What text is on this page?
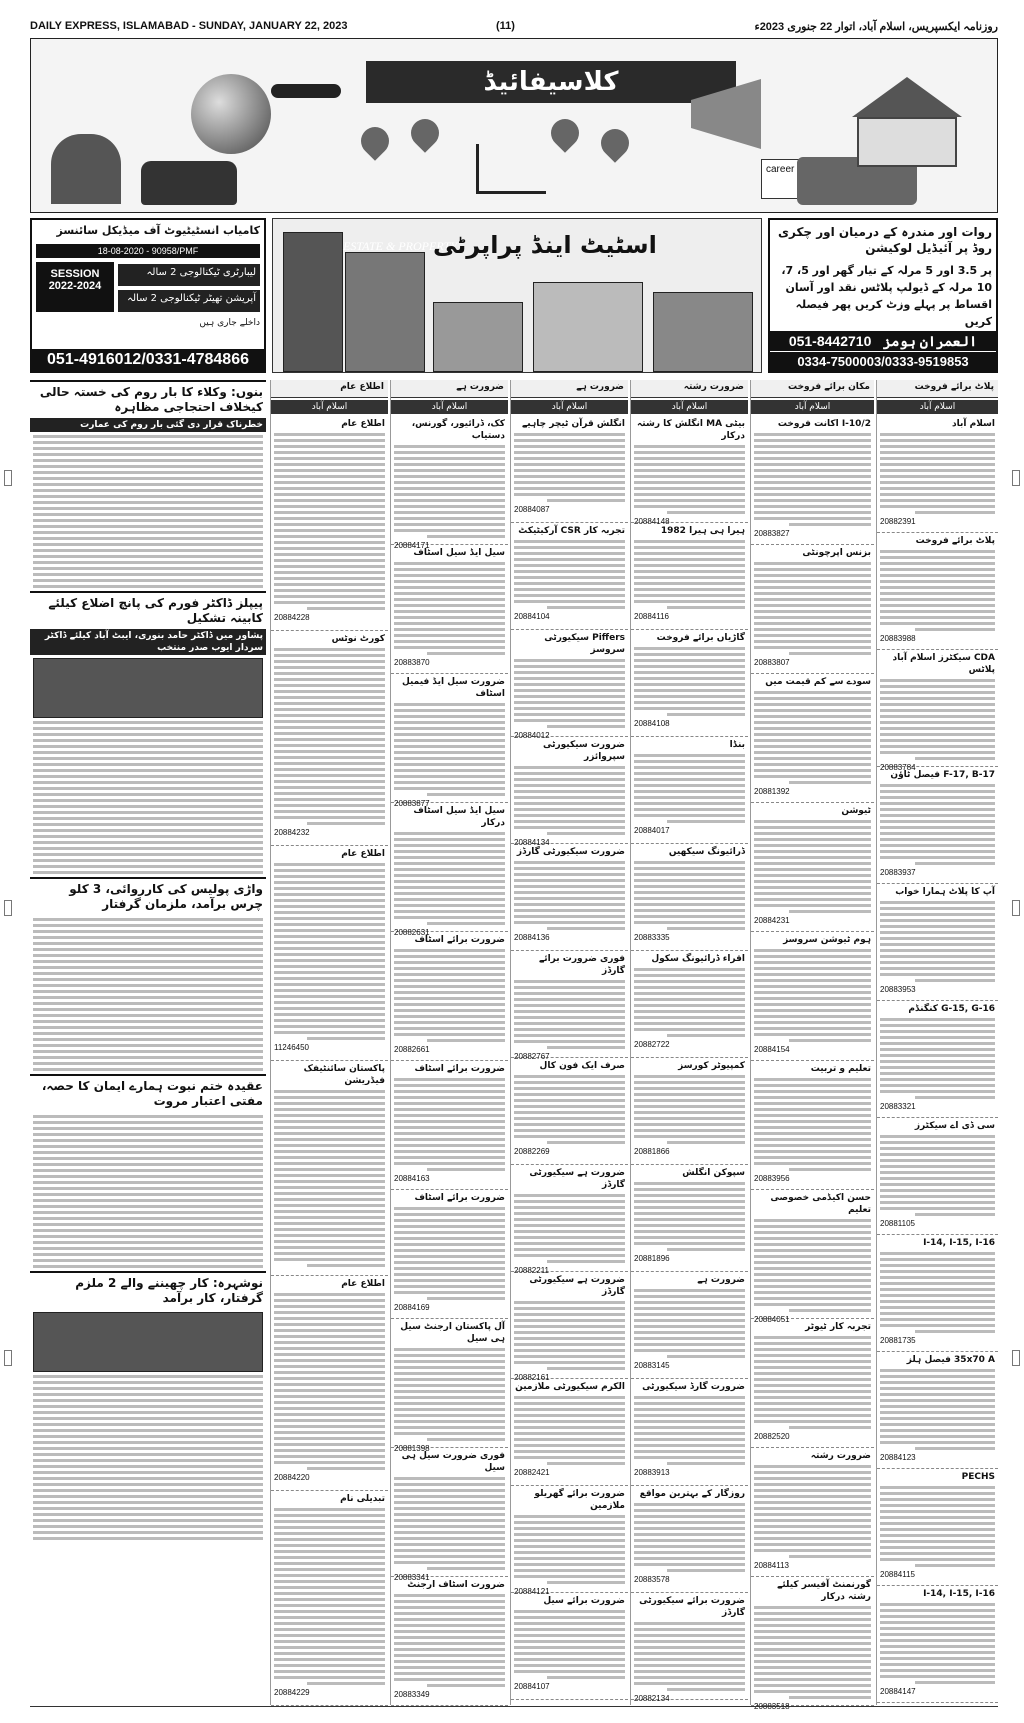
DAILY EXPRESS, ISLAMABAD - SUNDAY, JANUARY 22, 2023	(11)	روزنامہ ایکسپریس، اسلام آباد، اتوار 22 جنوری 2023ء
کلاسیفائیڈ
career
کامیاب انسٹیٹیوٹ آف میڈیکل سائنسز
18-08-2020 - 90958/PMF
SESSION 2022-2024
لیبارٹری ٹیکنالوجی 2 سالہ
آپریشن تھیٹر ٹیکنالوجی 2 سالہ
داخلے جاری ہیں
051-4916012/0331-4784866
ESTATE & PROPERTY
اسٹیٹ اینڈ پراپرٹی	روات اور مندرہ کے درمیان اور چکری روڈ پر آئیڈیل لوکیشن
پر 3.5 اور 5 مرلہ کے تیار گھر اور 5، 7، 10 مرلہ کے ڈیولپ پلاٹس نقد اور آسان اقساط پر پہلے وزٹ کریں پھر فیصلہ کریں
051-8442710 العمران ہومز
0334-7500003/0333-9519853
بنوں: وکلاء کا بار روم کی خستہ حالی کیخلاف احتجاجی مظاہرہ
خطرناک قرار دی گئی بار روم کی عمارت
پیپلز ڈاکٹر فورم کی پانچ اضلاع کیلئے کابینہ تشکیل
پشاور میں ڈاکٹر حامد بنوری، ایبٹ آباد کیلئے ڈاکٹر سردار ایوب صدر منتخب
واڑی پولیس کی کارروائی، 3 کلو چرس برآمد، ملزمان گرفتار
عقیدہ ختم نبوت ہمارے ایمان کا حصہ، مفتی اعتبار مروت
نوشہرہ: کار چھیننے والے 2 ملزم گرفتار، کار برآمد
اطلاع عام
اسلام آباد
اطلاع عام
20884228
کورٹ نوٹس
20884232
اطلاع عام
11246450
پاکستان سائنٹیفک فیڈریشن
اطلاع عام
20884220
تبدیلی نام
20884229
ضرورت ہے
اسلام آباد
کک، ڈرائیور، گورنس، دستیاب
20884171
سیل ایڈ سیل اسٹاف
20883870
ضرورت سیل ایڈ فیمیل اسٹاف
20883877
سیل ایڈ سیل اسٹاف درکار
20882631
ضرورت برائے اسٹاف
20882661
ضرورت برائے اسٹاف
20884163
ضرورت برائے اسٹاف
20884169
آل پاکستان ارجنٹ سیل ہی سیل
20881398
فوری ضرورت سیل ہی سیل
20883341
ضرورت اسٹاف ارجنٹ
20883349
ضرورت ہے
اسلام آباد
انگلش قرآن ٹیچر چاہیے
20884087
تجربہ کار CSR آرکیٹیکٹ
20884104
Piffers سیکیورٹی سروسز
20884012
ضرورت سیکیورٹی سپروائزر
20884134
ضرورت سیکیورٹی گارڈز
20884136
فوری ضرورت برائے گارڈز
20882767
صرف ایک فون کال
20882269
ضرورت ہے سیکیورٹی گارڈز
20882211
ضرورت ہے سیکیورٹی گارڈز
20882161
الکرم سیکیورٹی ملازمین
20882421
ضرورت برائے گھریلو ملازمین
20884121
ضرورت برائے سیل
20884107
ضرورت رشتہ
اسلام آباد
بیٹی MA انگلش کا رشتہ درکار
20884148
ہیرا ہی ہیرا 1982
20884116
گاڑیاں برائے فروخت
20884108
بنڈا
20884017
ڈرائیونگ سیکھیں
20883335
اقراء ڈرائیونگ سکول
20882722
کمپیوٹر کورسز
20881866
سپوکن انگلش
20881896
ضرورت ہے
20883145
ضرورت گارڈ سیکیورٹی
20883913
روزگار کے بہترین مواقع
20883578
ضرورت برائے سیکیورٹی گارڈز
20882134
مکان برائے فروخت
اسلام آباد
I-10/2 اکانت فروخت
20883827
بزنس اپرچونٹی
20883807
سودے سے کم قیمت میں
20881392
ٹیوشن
20884231
ہوم ٹیوشن سروسز
20884154
تعلیم و تربیت
20883956
حسن اکیڈمی خصوصی تعلیم
20884051
تجربہ کار ٹیوٹر
20882520
ضرورت رشتہ
20884113
گورنمنٹ آفیسر کیلئے رشتہ درکار
پلاٹ برائے فروخت
اسلام آباد
اسلام آباد
20882391
پلاٹ برائے فروخت
20883988
CDA سیکٹرز اسلام آباد پلاٹس
20883784
F-17, B-17 فیصل ٹاؤن
20883937
آپ کا پلاٹ ہمارا خواب
20883953
G-15, G-16 کنگنڈم
20883321
سی ڈی اے سیکٹرز
20881105
I-14, I-15, I-16
20881735
35x70 A فیصل ہلز
20884123
PECHS
20884115
I-14, I-15, I-16
20884147
